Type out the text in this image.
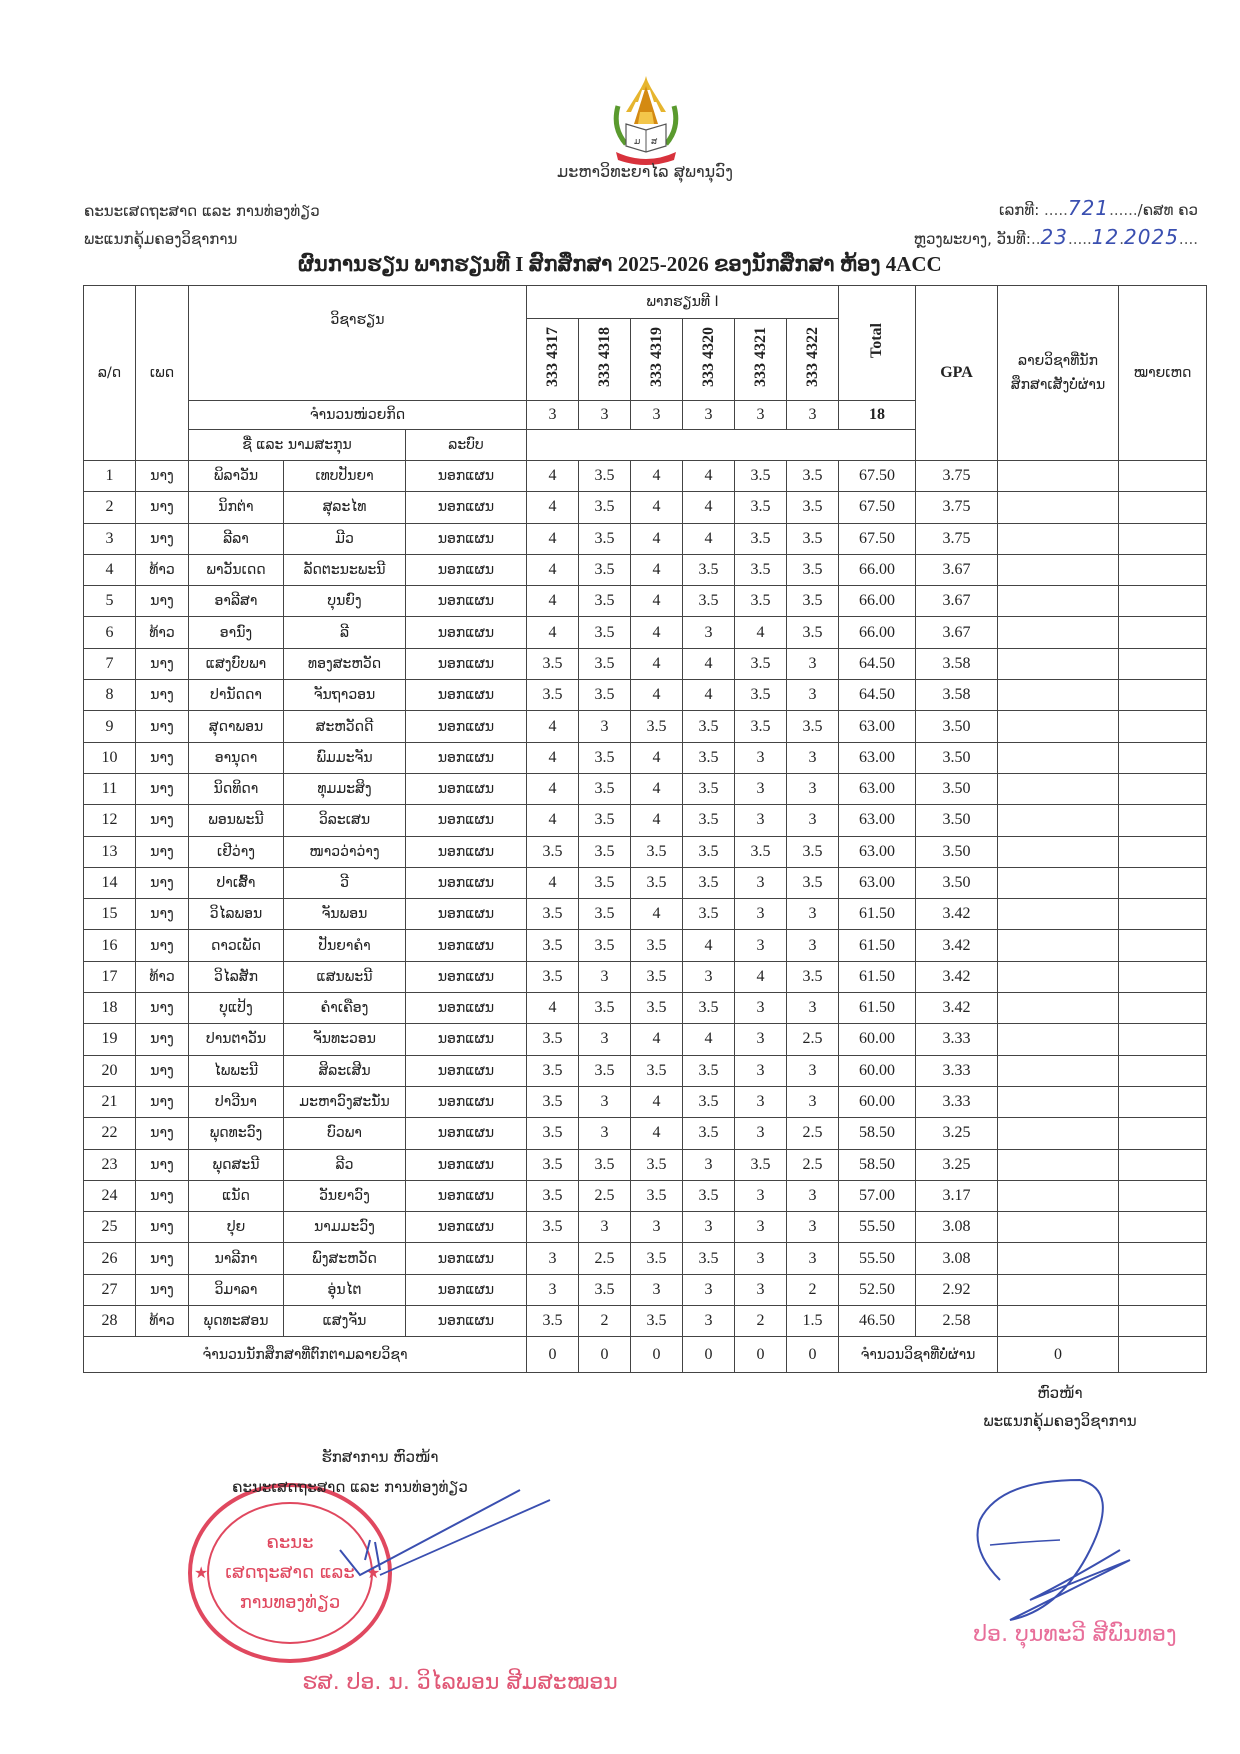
ມ ສ
ມະຫາວິທະຍາໄລ ສຸພານຸວົງ
ຄະນະເສດຖະສາດ ແລະ ການທ່ອງທ່ຽວ
ພະແນກຄຸ້ມຄອງວິຊາການ
ເລກທີ: .....721....../ຄສທ ຄວ
ຫຼວງພະບາງ, ວັນທີ:..23.....12.2025....
ຜົນການຮຽນ ພາກຮຽນທີ I ສົກສຶກສາ 2025-2026 ຂອງນັກສຶກສາ ຫ້ອງ 4ACC
ລ/ດ	ເພດ	ວິຊາຮຽນ			ພາກຮຽນທີ I						Total	GPA	ລາຍວິຊາທີ່ນັກສຶກສາເສັງບໍ່ຜ່ານ	ໝາຍເຫດ
					333 4317	333 4318	333 4319	333 4320	333 4321	333 4322				
		ຈຳນວນໜ່ວຍກິດ			3	3	3	3	3	3	18			
		ຊື່ ແລະ ນາມສະກຸນ		ລະບົບ										
1	ນາງ	ພິລາວັນ	ເທບປັນຍາ	ນອກແຜນ	4	3.5	4	4	3.5	3.5	67.50	3.75		
2	ນາງ	ນິກຕ່າ	ສຸລະໄທ	ນອກແຜນ	4	3.5	4	4	3.5	3.5	67.50	3.75		
3	ນາງ	ລີລາ	ມີວ	ນອກແຜນ	4	3.5	4	4	3.5	3.5	67.50	3.75		
4	ທ້າວ	ພາວັນເດດ	ລັດຕະນະພະນີ	ນອກແຜນ	4	3.5	4	3.5	3.5	3.5	66.00	3.67		
5	ນາງ	ອາລີສາ	ບຸນຍົງ	ນອກແຜນ	4	3.5	4	3.5	3.5	3.5	66.00	3.67		
6	ທ້າວ	ອານົງ	ລີ	ນອກແຜນ	4	3.5	4	3	4	3.5	66.00	3.67		
7	ນາງ	ແສງບົບພາ	ທອງສະຫວັດ	ນອກແຜນ	3.5	3.5	4	4	3.5	3	64.50	3.58		
8	ນາງ	ປານັດດາ	ຈັນຖາວອນ	ນອກແຜນ	3.5	3.5	4	4	3.5	3	64.50	3.58		
9	ນາງ	ສຸດາພອນ	ສະຫວັດດີ	ນອກແຜນ	4	3	3.5	3.5	3.5	3.5	63.00	3.50		
10	ນາງ	ອານຸດາ	ພົມມະຈັນ	ນອກແຜນ	4	3.5	4	3.5	3	3	63.00	3.50		
11	ນາງ	ນິດທິດາ	ທຸມມະສິງ	ນອກແຜນ	4	3.5	4	3.5	3	3	63.00	3.50		
12	ນາງ	ພອນພະນີ	ວິລະເສນ	ນອກແຜນ	4	3.5	4	3.5	3	3	63.00	3.50		
13	ນາງ	ເຢີວ່າງ	ໜາວວ່າວ່າງ	ນອກແຜນ	3.5	3.5	3.5	3.5	3.5	3.5	63.00	3.50		
14	ນາງ	ປາເສົ້າ	ວີ	ນອກແຜນ	4	3.5	3.5	3.5	3	3.5	63.00	3.50		
15	ນາງ	ວິໄລພອນ	ຈັນພອນ	ນອກແຜນ	3.5	3.5	4	3.5	3	3	61.50	3.42		
16	ນາງ	ດາວເພັດ	ປັນຍາຄຳ	ນອກແຜນ	3.5	3.5	3.5	4	3	3	61.50	3.42		
17	ທ້າວ	ວິໄລສັກ	ແສນພະນີ	ນອກແຜນ	3.5	3	3.5	3	4	3.5	61.50	3.42		
18	ນາງ	ບຸແປ້ງ	ຄຳເຄືອງ	ນອກແຜນ	4	3.5	3.5	3.5	3	3	61.50	3.42		
19	ນາງ	ປານຕາວັນ	ຈັນທະວອນ	ນອກແຜນ	3.5	3	4	4	3	2.5	60.00	3.33		
20	ນາງ	ໄພພະນີ	ສິລະເສີນ	ນອກແຜນ	3.5	3.5	3.5	3.5	3	3	60.00	3.33		
21	ນາງ	ປາວີນາ	ມະຫາວົງສະນັ່ນ	ນອກແຜນ	3.5	3	4	3.5	3	3	60.00	3.33		
22	ນາງ	ພຸດທະວົງ	ບົວພາ	ນອກແຜນ	3.5	3	4	3.5	3	2.5	58.50	3.25		
23	ນາງ	ພຸດສະນີ	ລີວ	ນອກແຜນ	3.5	3.5	3.5	3	3.5	2.5	58.50	3.25		
24	ນາງ	ແນັດ	ວັນຍາວົງ	ນອກແຜນ	3.5	2.5	3.5	3.5	3	3	57.00	3.17		
25	ນາງ	ປຸຍ	ນາມມະວົງ	ນອກແຜນ	3.5	3	3	3	3	3	55.50	3.08		
26	ນາງ	ນາລີກາ	ພົງສະຫວັດ	ນອກແຜນ	3	2.5	3.5	3.5	3	3	55.50	3.08		
27	ນາງ	ວິມາລາ	ອຸ່ນໄຕ	ນອກແຜນ	3	3.5	3	3	3	2	52.50	2.92		
28	ທ້າວ	ພຸດທະສອນ	ແສງຈັນ	ນອກແຜນ	3.5	2	3.5	3	2	1.5	46.50	2.58		
ຈຳນວນນັກສຶກສາທີ່ຕົກຕາມລາຍວິຊາ					0	0	0	0	0	0	ຈຳນວນວິຊາທີ່ບໍ່ຜ່ານ		0	
ຫົວໜ້າ
ພະແນກຄຸ້ມຄອງວິຊາການ
ປອ. ບຸນທະວີ ສີພົນທອງ
★	★
ຄະນະ
ເສດຖະສາດ ແລະ
ການທອງທ່ຽວ
ຮັກສາການ ຫົວໜ້າ
ຄະນະເສດຖະສາດ ແລະ ການທ່ອງທ່ຽວ
ຮສ. ປອ. ນ. ວິໄລພອນ ສີມສະໝອນ
